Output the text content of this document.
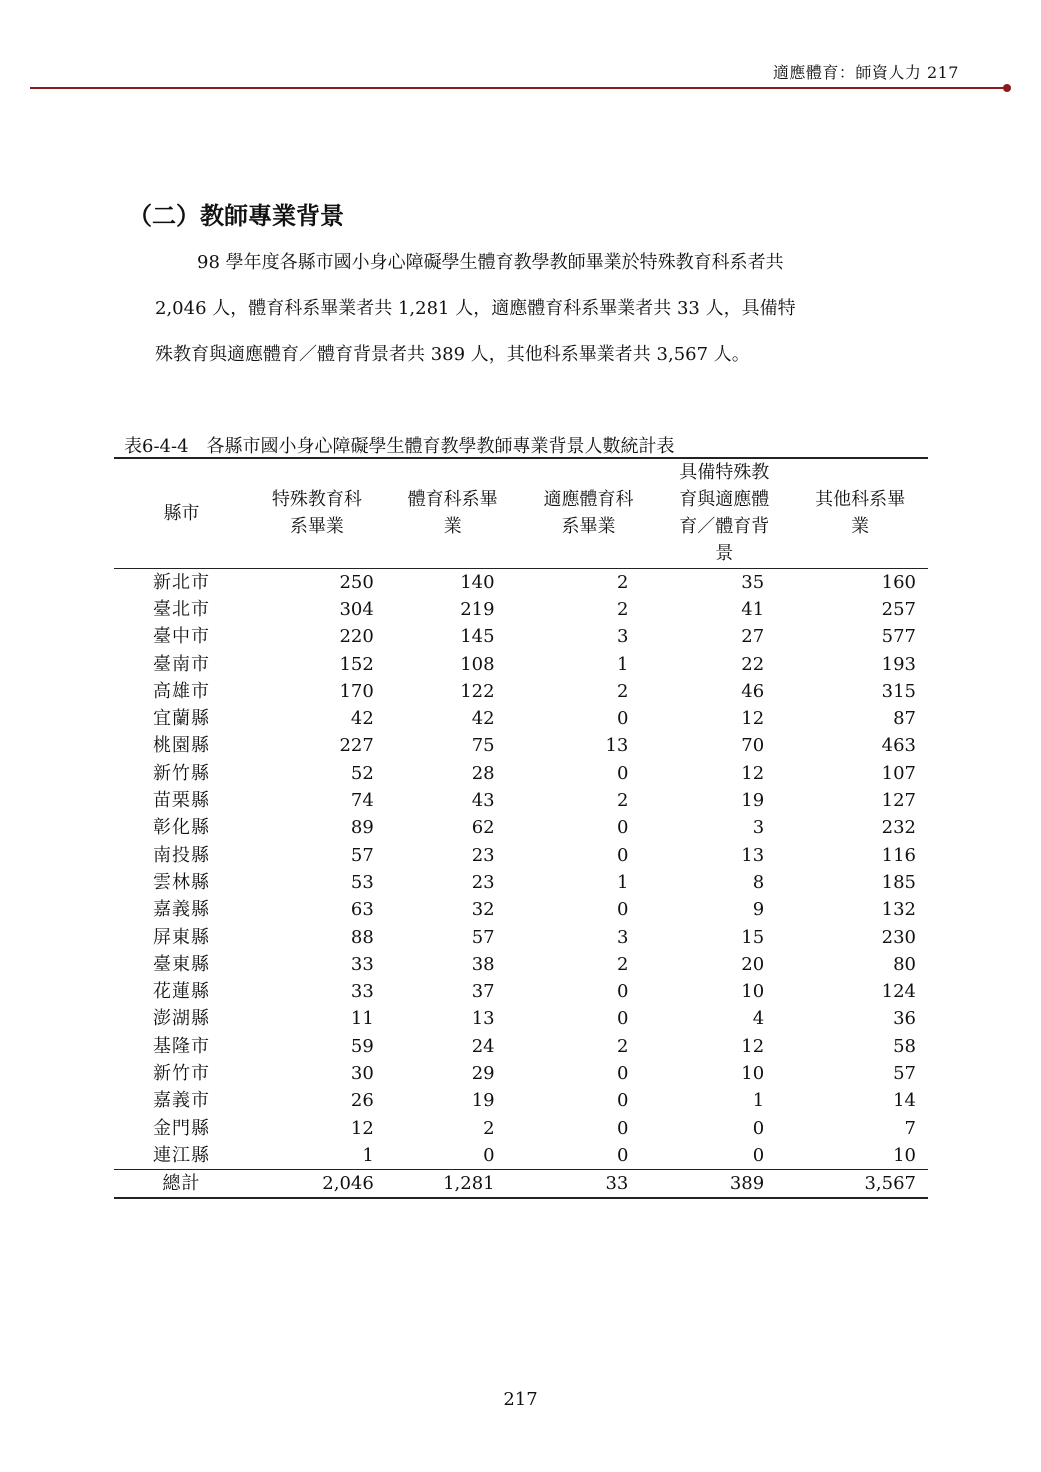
適應體育：師資人力 217
（二）教師專業背景

98 學年度各縣市國小身心障礙學生體育教學教師畢業於特殊教育科系者共

2,046 人，體育科系畢業者共 1,281 人，適應體育科系畢業者共 33 人，具備特

殊教育與適應體育／體育背景者共 389 人，其他科系畢業者共 3,567 人。

表6-4-4　各縣市國小身心障礙學生體育教學教師專業背景人數統計表
縣市	特殊教育科
系畢業	體育科系畢
業	適應體育科
系畢業	具備特殊教
育與適應體
育／體育背
景	其他科系畢
業
新北市	250	140	2	35	160
臺北市	304	219	2	41	257
臺中市	220	145	3	27	577
臺南市	152	108	1	22	193
高雄市	170	122	2	46	315
宜蘭縣	42	42	0	12	87
桃園縣	227	75	13	70	463
新竹縣	52	28	0	12	107
苗栗縣	74	43	2	19	127
彰化縣	89	62	0	3	232
南投縣	57	23	0	13	116
雲林縣	53	23	1	8	185
嘉義縣	63	32	0	9	132
屏東縣	88	57	3	15	230
臺東縣	33	38	2	20	80
花蓮縣	33	37	0	10	124
澎湖縣	11	13	0	4	36
基隆市	59	24	2	12	58
新竹市	30	29	0	10	57
嘉義市	26	19	0	1	14
金門縣	12	2	0	0	7
連江縣	1	0	0	0	10
總計	2,046	1,281	33	389	3,567
217
